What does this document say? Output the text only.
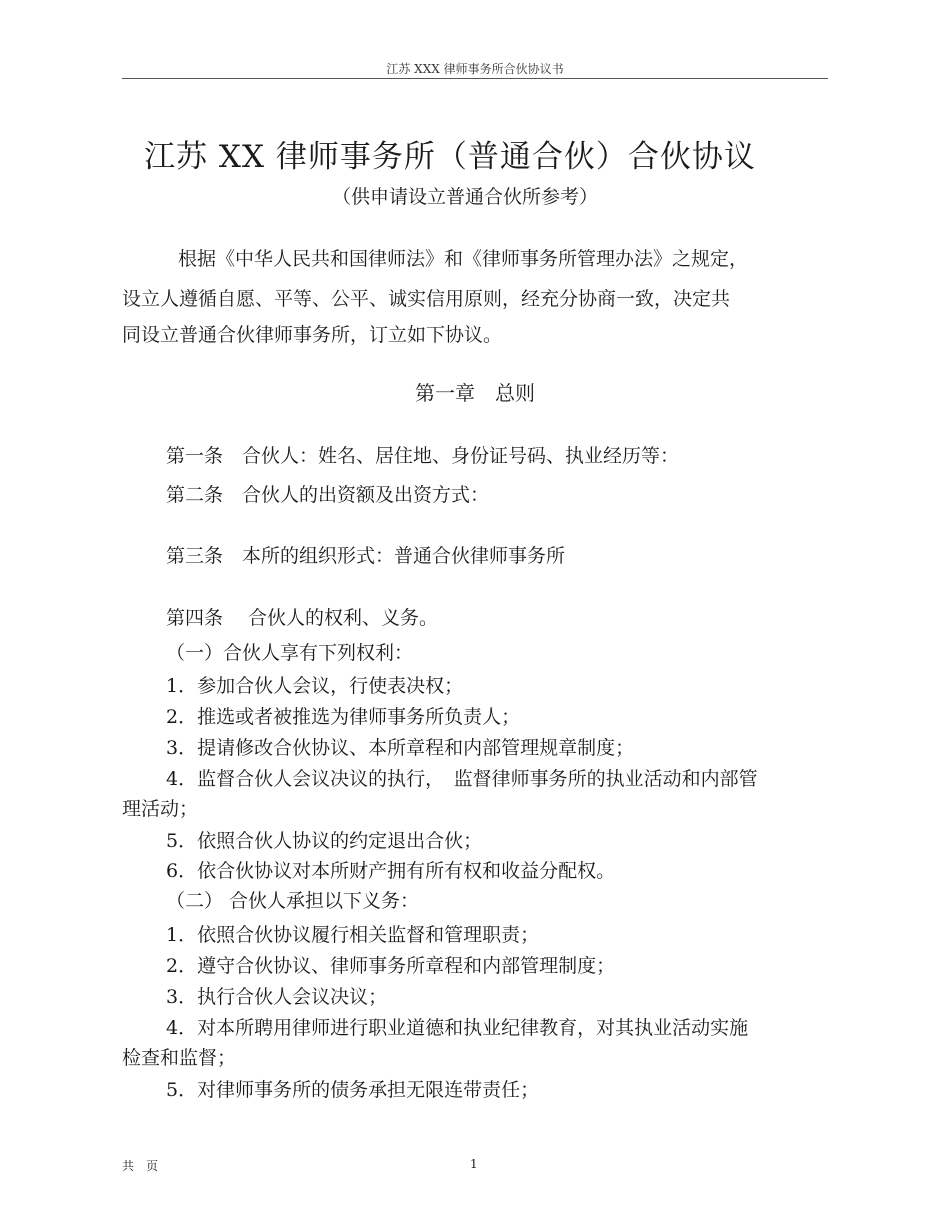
江苏 XXX 律师事务所合伙协议书
江苏 XX 律师事务所（普通合伙）合伙协议
（供申请设立普通合伙所参考）
根据《中华人民共和国律师法》和《律师事务所管理办法》之规定，
设立人遵循自愿、平等、公平、诚实信用原则，经充分协商一致，决定共
同设立普通合伙律师事务所，订立如下协议。
第一章　总则
第一条　合伙人：姓名、居住地、身份证号码、执业经历等：
第二条　合伙人的出资额及出资方式：
第三条　本所的组织形式：普通合伙律师事务所
第四条　 合伙人的权利、义务。
（一）合伙人享有下列权利：
1．参加合伙人会议，行使表决权；
2．推选或者被推选为律师事务所负责人；
3．提请修改合伙协议、本所章程和内部管理规章制度；
4．监督合伙人会议决议的执行，　监督律师事务所的执业活动和内部管
理活动；
5．依照合伙人协议的约定退出合伙；
6．依合伙协议对本所财产拥有所有权和收益分配权。
（二） 合伙人承担以下义务：
1．依照合伙协议履行相关监督和管理职责；
2．遵守合伙协议、律师事务所章程和内部管理制度；
3．执行合伙人会议决议；
4．对本所聘用律师进行职业道德和执业纪律教育，对其执业活动实施
检查和监督；
5．对律师事务所的债务承担无限连带责任；
共　页	1
